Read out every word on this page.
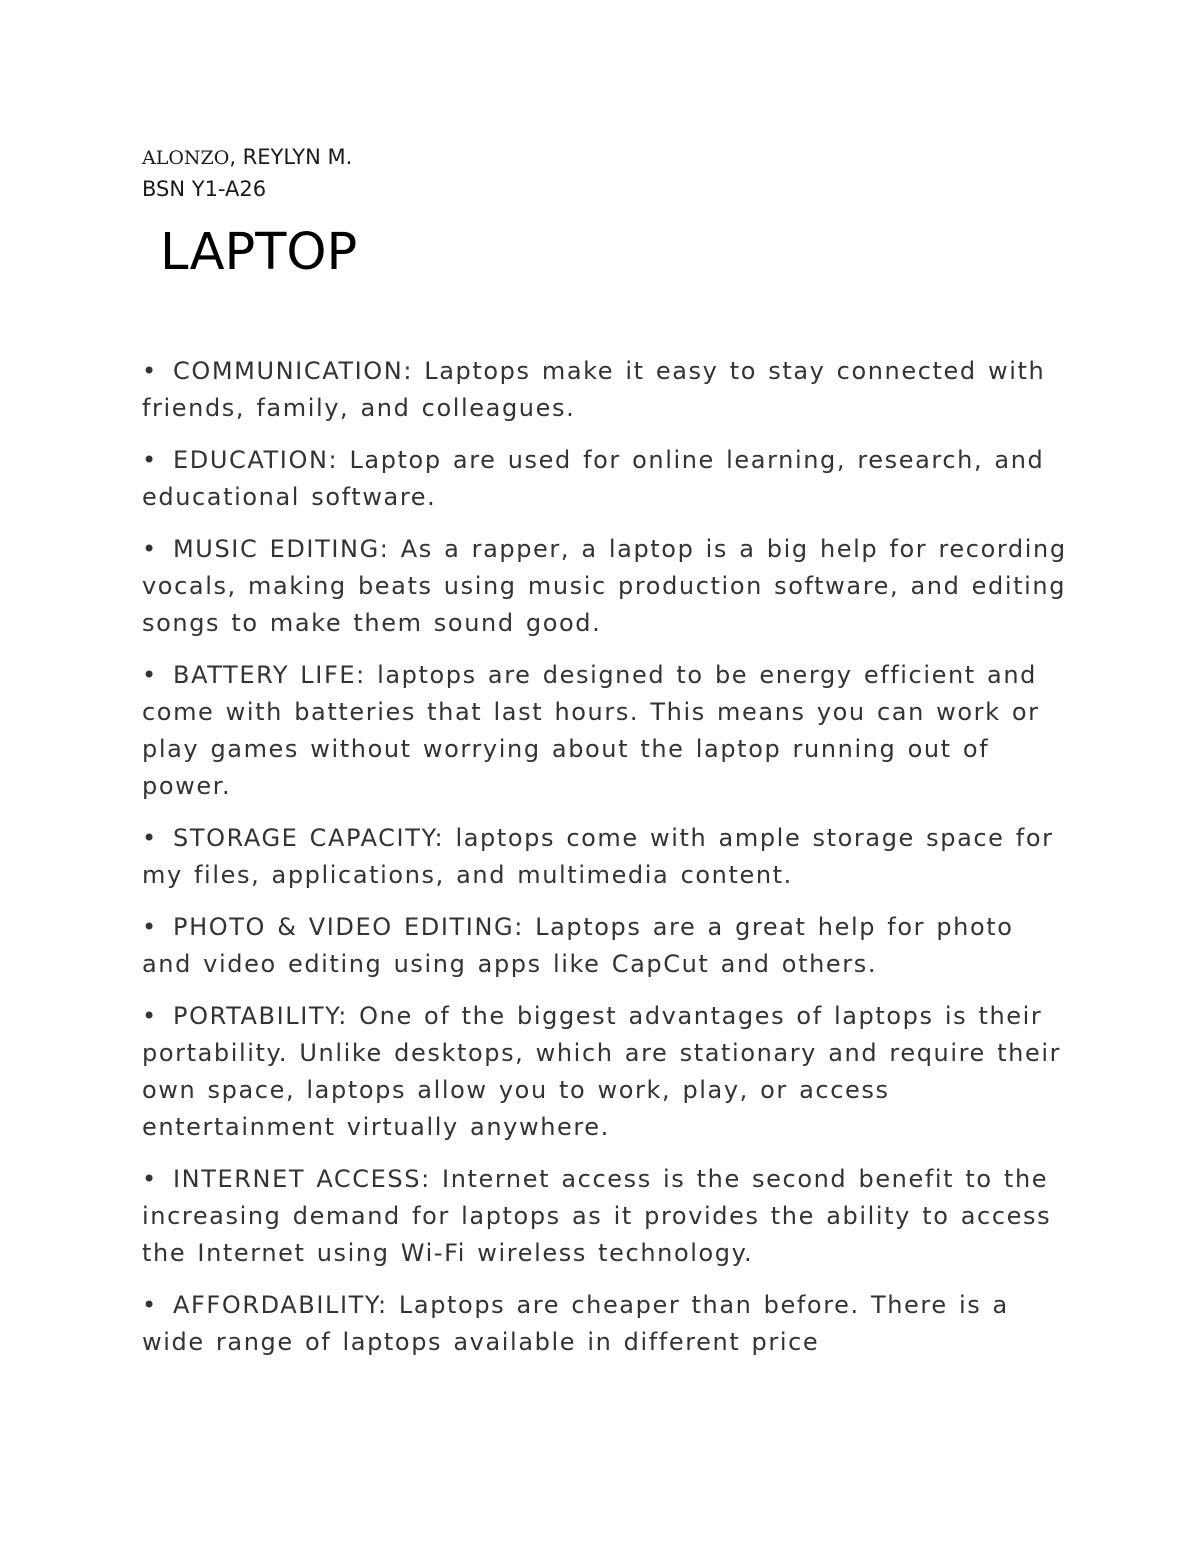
ALONZO, REYLYN M.
BSN Y1-A26
LAPTOP
• COMMUNICATION: Laptops make it easy to stay connected with friends, family, and colleagues.
• EDUCATION: Laptop are used for online learning, research, and educational software.
• MUSIC EDITING: As a rapper, a laptop is a big help for recording vocals, making beats using music production software, and editing songs to make them sound good.
• BATTERY LIFE: laptops are designed to be energy efficient and come with batteries that last hours. This means you can work or play games without worrying about the laptop running out of power.
• STORAGE CAPACITY: laptops come with ample storage space for my files, applications, and multimedia content.
• PHOTO & VIDEO EDITING: Laptops are a great help for photo and video editing using apps like CapCut and others.
• PORTABILITY: One of the biggest advantages of laptops is their portability. Unlike desktops, which are stationary and require their own space, laptops allow you to work, play, or access entertainment virtually anywhere.
• INTERNET ACCESS: Internet access is the second benefit to the increasing demand for laptops as it provides the ability to access the Internet using Wi-Fi wireless technology.
• AFFORDABILITY: Laptops are cheaper than before. There is a wide range of laptops available in different price
